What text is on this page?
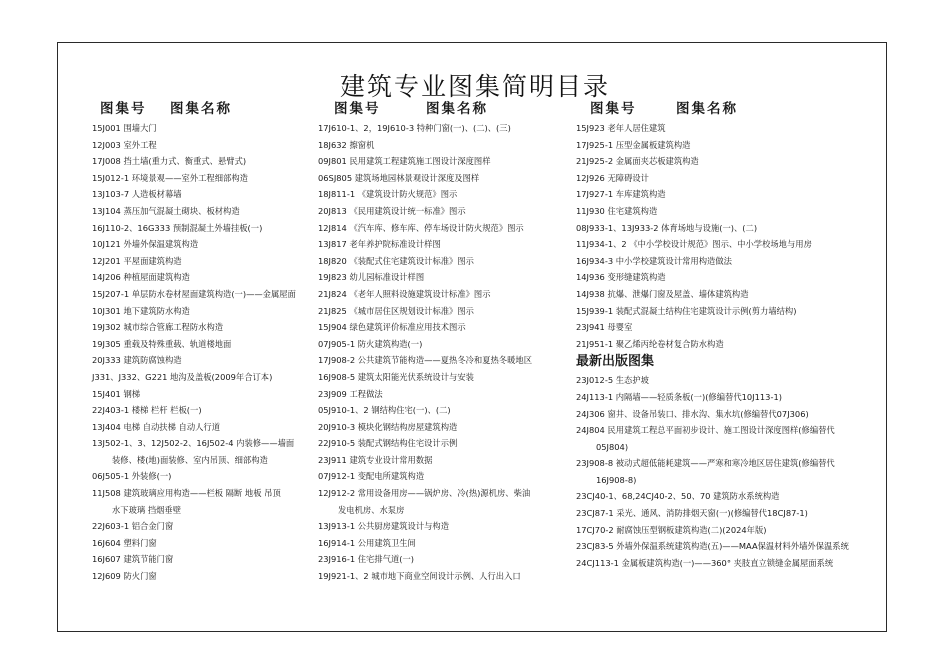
建筑专业图集简明目录
图集号 图集名称
15J001 围墙大门
12J003 室外工程
17J008 挡土墙(重力式、衡重式、悬臂式)
15J012-1 环境景观——室外工程细部构造
13J103-7 人造板材幕墙
13J104 蒸压加气混凝土砌块、板材构造
16J110-2、16G333 预制混凝土外墙挂板(一)
10J121 外墙外保温建筑构造
12J201 平屋面建筑构造
14J206 种植屋面建筑构造
15J207-1 单层防水卷材屋面建筑构造(一)——金属屋面
10J301 地下建筑防水构造
19J302 城市综合管廊工程防水构造
19J305 重载及特殊重载、轨道楼地面
20J333 建筑防腐蚀构造
J331、J332、G221 地沟及盖板(2009年合订本)
15J401 钢梯
22J403-1 楼梯 栏杆 栏板(一)
13J404 电梯 自动扶梯 自动人行道
13J502-1、3、12J502-2、16J502-4 内装修——墙面
装修、楼(地)面装修、室内吊顶、细部构造
06J505-1 外装修(一)
11J508 建筑玻璃应用构造——栏板 隔断 地板 吊顶
水下玻璃 挡烟垂壁
22J603-1 铝合金门窗
16J604 塑料门窗
16J607 建筑节能门窗
12J609 防火门窗
图集号	图集名称
17J610-1、2，19J610-3 特种门窗(一)、(二)、(三)
18J632 擦窗机
09J801 民用建筑工程建筑施工图设计深度图样
06SJ805 建筑场地园林景观设计深度及图样
18J811-1 《建筑设计防火规范》图示
20J813 《民用建筑设计统一标准》图示
12J814 《汽车库、修车库、停车场设计防火规范》图示
13J817 老年养护院标准设计样图
18J820 《装配式住宅建筑设计标准》图示
19J823 幼儿园标准设计样图
21J824 《老年人照料设施建筑设计标准》图示
21J825 《城市居住区规划设计标准》图示
15J904 绿色建筑评价标准应用技术图示
07J905-1 防火建筑构造(一)
17J908-2 公共建筑节能构造——夏热冬冷和夏热冬暖地区
16J908-5 建筑太阳能光伏系统设计与安装
23J909 工程做法
05J910-1、2 钢结构住宅(一)、(二)
20J910-3 模块化钢结构房屋建筑构造
22J910-5 装配式钢结构住宅设计示例
23J911 建筑专业设计常用数据
07J912-1 变配电所建筑构造
12J912-2 常用设备用房——锅炉房、冷(热)源机房、柴油
发电机房、水泵房
13J913-1 公共厨房建筑设计与构造
16J914-1 公用建筑卫生间
23J916-1 住宅排气道(一)
19J921-1、2 城市地下商业空间设计示例、人行出入口
图集号	图集名称
15J923 老年人居住建筑
17J925-1 压型金属板建筑构造
21J925-2 金属面夹芯板建筑构造
12J926 无障碍设计
17J927-1 车库建筑构造
11J930 住宅建筑构造
08J933-1、13J933-2 体育场地与设施(一)、(二)
11J934-1、2 《中小学校设计规范》图示、中小学校场地与用房
16J934-3 中小学校建筑设计常用构造做法
14J936 变形缝建筑构造
14J938 抗爆、泄爆门窗及屋盖、墙体建筑构造
15J939-1 装配式混凝土结构住宅建筑设计示例(剪力墙结构)
23J941 母婴室
21J951-1 聚乙烯丙纶卷材复合防水构造
最新出版图集
23J012-5 生态护坡
24J113-1 内隔墙——轻质条板(一)(修编替代10J113-1)
24J306 窗井、设备吊装口、排水沟、集水坑(修编替代07J306)
24J804 民用建筑工程总平面初步设计、施工图设计深度图样(修编替代
05J804)
23J908-8 被动式超低能耗建筑——严寒和寒冷地区居住建筑(修编替代
16J908-8)
23CJ40-1、68,24CJ40-2、50、70 建筑防水系统构造
23CJ87-1 采光、通风、消防排烟天窗(一)(修编替代18CJ87-1)
17CJ70-2 耐腐蚀压型钢板建筑构造(二)(2024年版)
23CJ83-5 外墙外保温系统建筑构造(五)——MAA保温材料外墙外保温系统
24CJ113-1 金属板建筑构造(一)——360° 夹肢直立锁缝金属屋面系统
